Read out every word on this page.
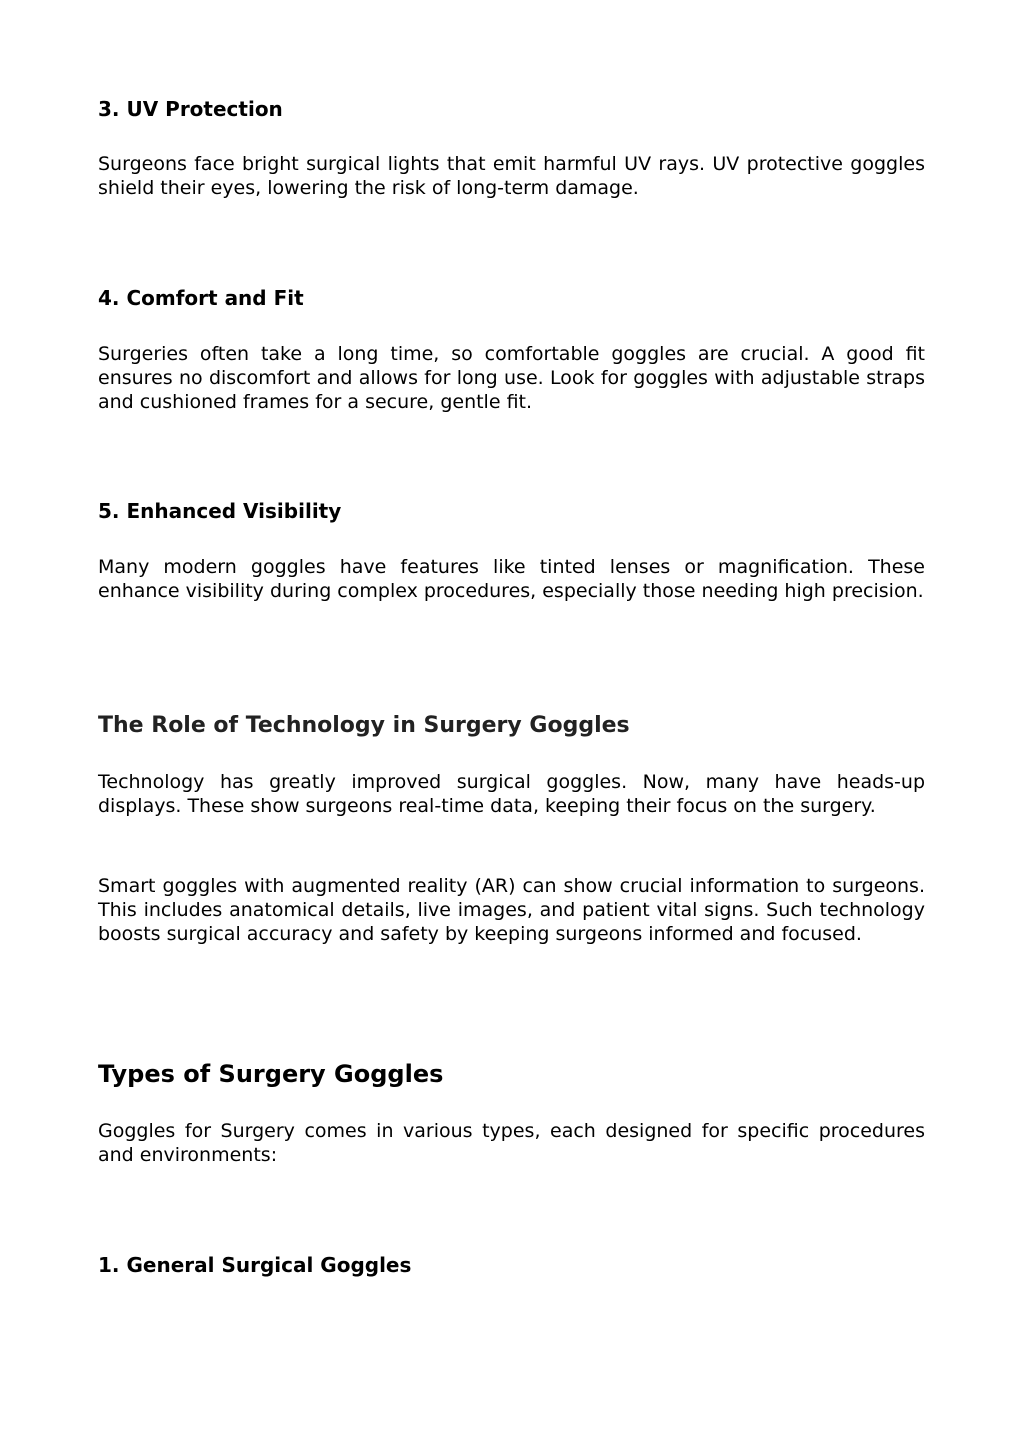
3. UV Protection

Surgeons face bright surgical lights that emit harmful UV rays. UV protective goggles shield their eyes, lowering the risk of long-term damage.

4. Comfort and Fit

Surgeries often take a long time, so comfortable goggles are crucial. A good fit ensures no discomfort and allows for long use. Look for goggles with adjustable straps and cushioned frames for a secure, gentle fit.

5. Enhanced Visibility

Many modern goggles have features like tinted lenses or magnification. These enhance visibility during complex procedures, especially those needing high precision.

The Role of Technology in Surgery Goggles

Technology has greatly improved surgical goggles. Now, many have heads-up displays. These show surgeons real-time data, keeping their focus on the surgery.

Smart goggles with augmented reality (AR) can show crucial information to surgeons. This includes anatomical details, live images, and patient vital signs. Such technology boosts surgical accuracy and safety by keeping surgeons informed and focused.

Types of Surgery Goggles

Goggles for Surgery comes in various types, each designed for specific procedures and environments:

1. General Surgical Goggles
